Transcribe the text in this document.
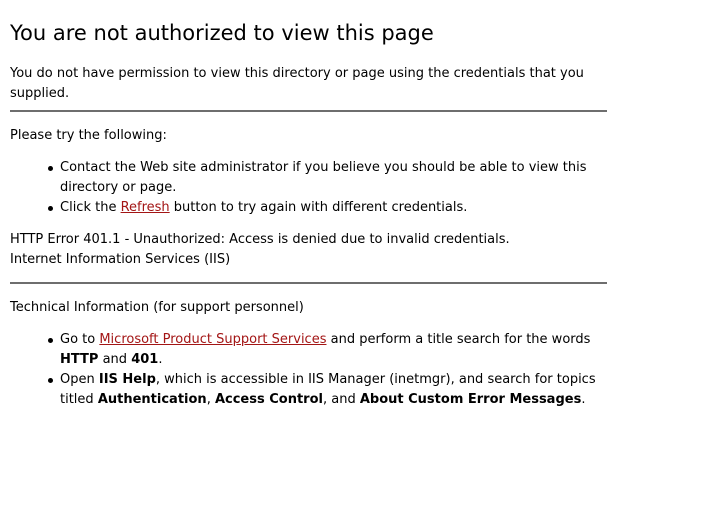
You are not authorized to view this page

You do not have permission to view this directory or page using the credentials that you supplied.

Please try the following:

Contact the Web site administrator if you believe you should be able to view this directory or page.
Click the Refresh button to try again with different credentials.

HTTP Error 401.1 - Unauthorized: Access is denied due to invalid credentials.

Internet Information Services (IIS)

Technical Information (for support personnel)

Go to Microsoft Product Support Services and perform a title search for the words HTTP and 401.
Open IIS Help, which is accessible in IIS Manager (inetmgr), and search for topics titled Authentication, Access Control, and About Custom Error Messages.
